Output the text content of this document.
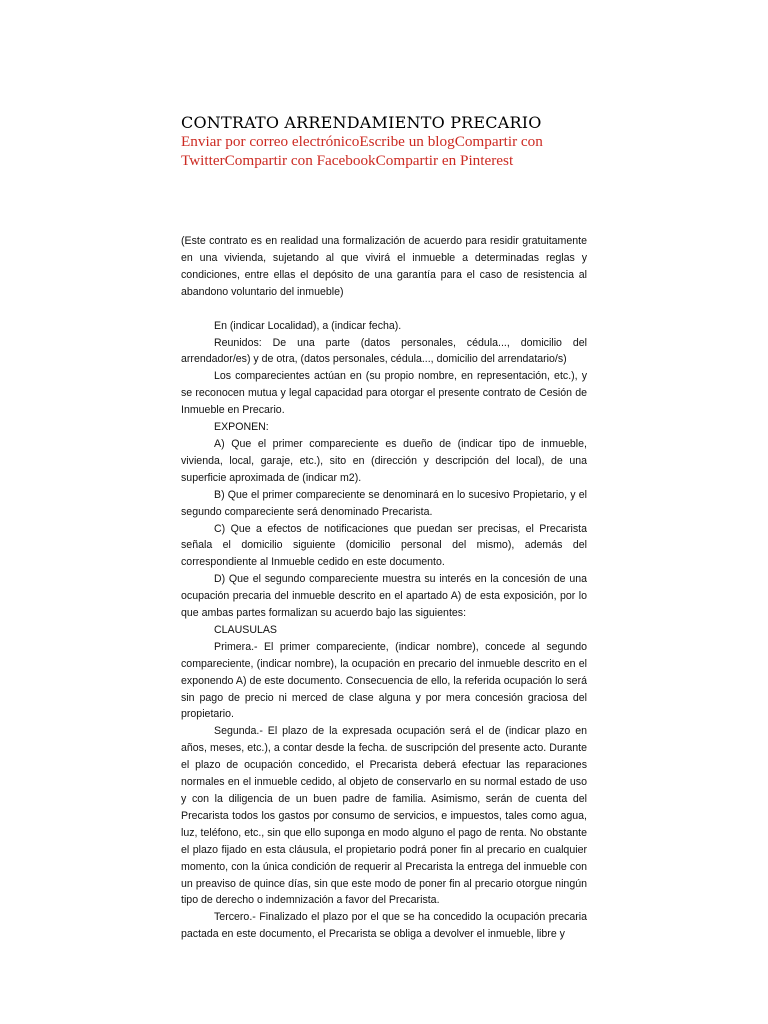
CONTRATO ARRENDAMIENTO PRECARIO
Enviar por correo electrónicoEscribe un blogCompartir con TwitterCompartir con FacebookCompartir en Pinterest

(Este contrato es en realidad una formalización de acuerdo para residir gratuitamente en una vivienda, sujetando al que vivirá el inmueble a determinadas reglas y condiciones, entre ellas el depósito de una garantía para el caso de resistencia al abandono voluntario del inmueble)

En (indicar Localidad), a (indicar fecha).

Reunidos: De una parte (datos personales, cédula..., domicilio del arrendador/es) y de otra, (datos personales, cédula..., domicilio del arrendatario/s)

Los comparecientes actúan en (su propio nombre, en representación, etc.), y se reconocen mutua y legal capacidad para otorgar el presente contrato de Cesión de Inmueble en Precario.

EXPONEN:

A) Que el primer compareciente es dueño de (indicar tipo de inmueble, vivienda, local, garaje, etc.), sito en (dirección y descripción del local), de una superficie aproximada de (indicar m2).

B) Que el primer compareciente se denominará en lo sucesivo Propietario, y el segundo compareciente será denominado Precarista.

C) Que a efectos de notificaciones que puedan ser precisas, el Precarista señala el domicilio siguiente (domicilio personal del mismo), además del correspondiente al Inmueble cedido en este documento.

D) Que el segundo compareciente muestra su interés en la concesión de una ocupación precaria del inmueble descrito en el apartado A) de esta exposición, por lo que ambas partes formalizan su acuerdo bajo las siguientes:

CLAUSULAS

Primera.- El primer compareciente, (indicar nombre), concede al segundo compareciente, (indicar nombre), la ocupación en precario del inmueble descrito en el exponendo A) de este documento. Consecuencia de ello, la referida ocupación lo será sin pago de precio ni merced de clase alguna y por mera concesión graciosa del propietario.

Segunda.- El plazo de la expresada ocupación será el de (indicar plazo en años, meses, etc.), a contar desde la fecha. de suscripción del presente acto. Durante el plazo de ocupación concedido, el Precarista deberá efectuar las reparaciones normales en el inmueble cedido, al objeto de conservarlo en su normal estado de uso y con la diligencia de un buen padre de familia. Asimismo, serán de cuenta del Precarista todos los gastos por consumo de servicios, e impuestos, tales como agua, luz, teléfono, etc., sin que ello suponga en modo alguno el pago de renta. No obstante el plazo fijado en esta cláusula, el propietario podrá poner fin al precario en cualquier momento, con la única condición de requerir al Precarista la entrega del inmueble con un preaviso de quince días, sin que este modo de poner fin al precario otorgue ningún tipo de derecho o indemnización a favor del Precarista.

Tercero.- Finalizado el plazo por el que se ha concedido la ocupación precaria pactada en este documento, el Precarista se obliga a devolver el inmueble, libre y
